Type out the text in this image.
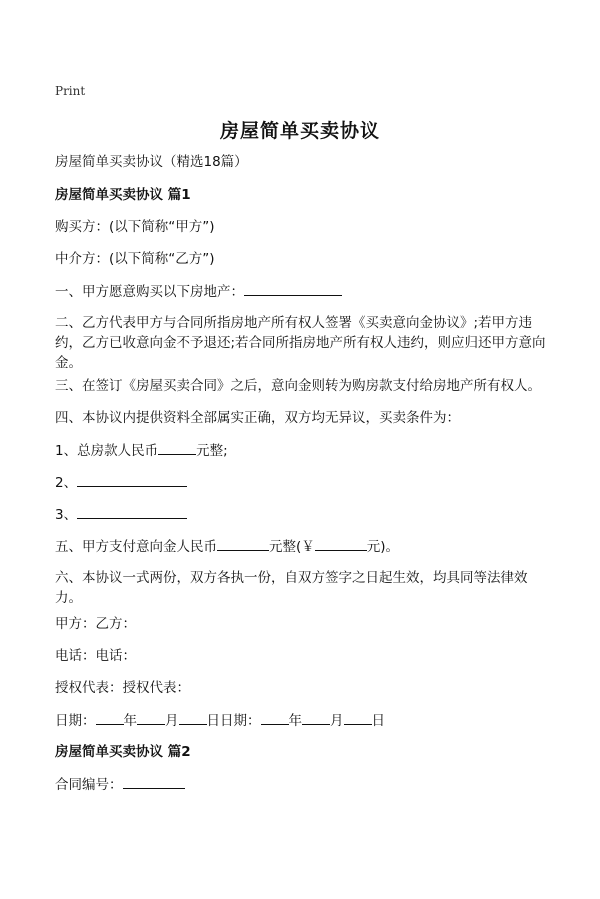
Print
房屋简单买卖协议
房屋简单买卖协议（精选18篇）
房屋简单买卖协议 篇1
购买方：(以下简称“甲方”)
中介方：(以下简称“乙方”)
一、甲方愿意购买以下房地产：
二、乙方代表甲方与合同所指房地产所有权人签署《买卖意向金协议》;若甲方违约，乙方已收意向金不予退还;若合同所指房地产所有权人违约，则应归还甲方意向金。
三、在签订《房屋买卖合同》之后，意向金则转为购房款支付给房地产所有权人。
四、本协议内提供资料全部属实正确，双方均无异议，买卖条件为：
1、总房款人民币	元整;
2、
3、
五、甲方支付意向金人民币	元整(￥	元)。
六、本协议一式两份，双方各执一份，自双方签字之日起生效，均具同等法律效力。
甲方：乙方：
电话：电话：
授权代表：授权代表：
日期： 年 月 日日期： 年 月 日
房屋简单买卖协议 篇2
合同编号：
